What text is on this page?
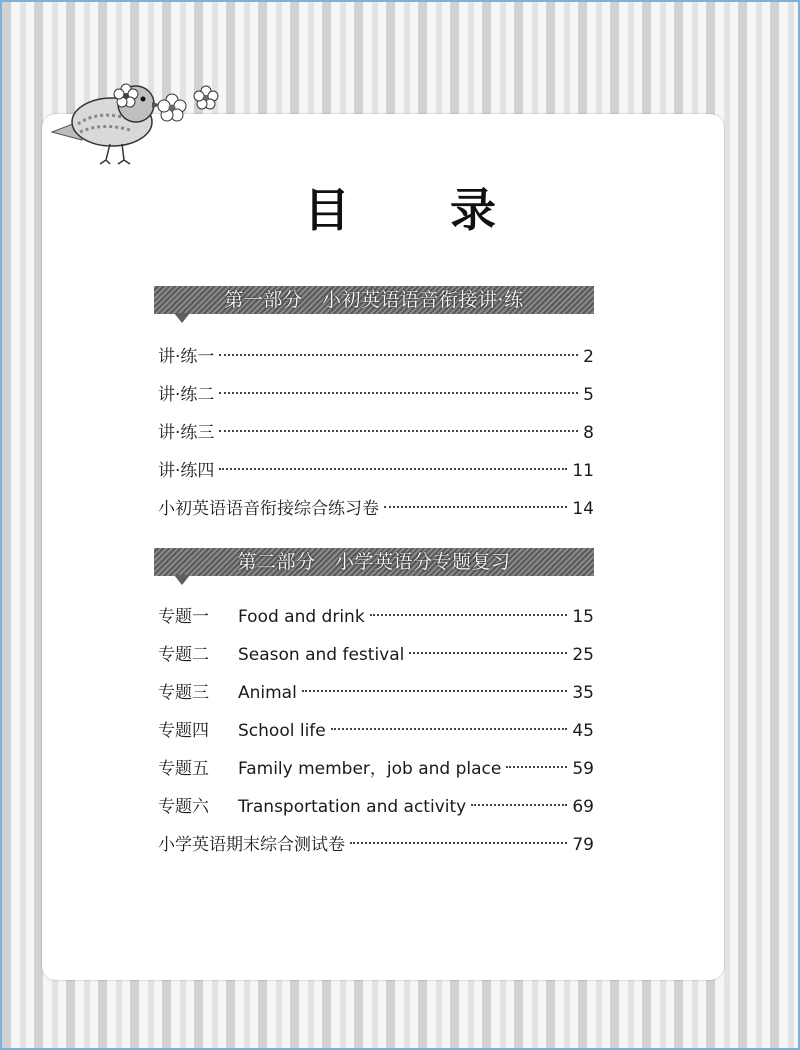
目 录
第一部分   小初英语语音衔接讲·练
讲·练一	2
讲·练二	5
讲·练三	8
讲·练四	11
小初英语语音衔接综合练习卷	14
第二部分   小学英语分专题复习
专题一	Food and drink	15
专题二	Season and festival	25
专题三	Animal	35
专题四	School life	45
专题五	Family member，job and place	59
专题六	Transportation and activity	69
小学英语期末综合测试卷	79
